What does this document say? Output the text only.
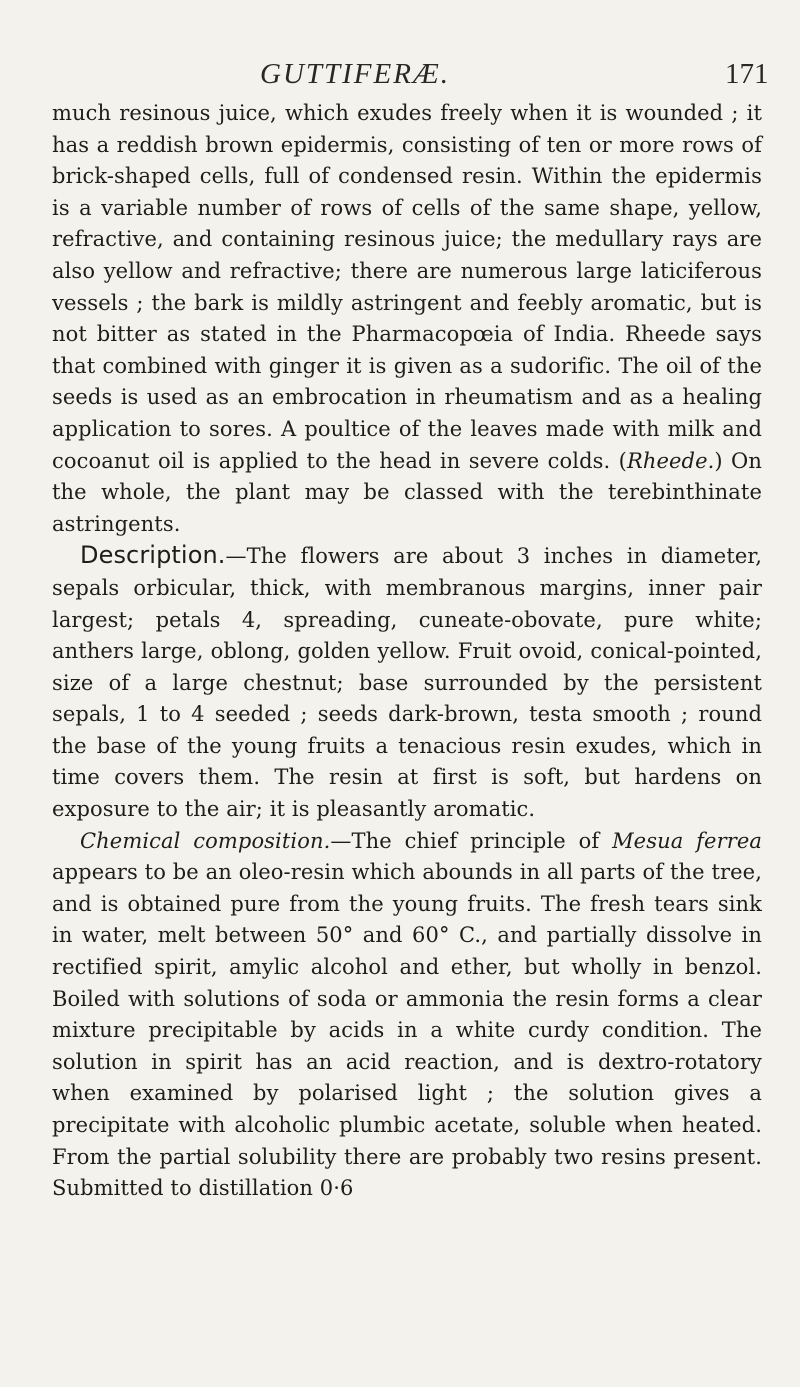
GUTTIFERÆ.	171

much resinous juice, which exudes freely when it is wounded ; it has a reddish brown epidermis, consisting of ten or more rows of brick-shaped cells, full of condensed resin. Within the epidermis is a variable number of rows of cells of the same shape, yellow, refractive, and containing resinous juice; the medullary rays are also yellow and refractive; there are numerous large laticiferous vessels ; the bark is mildly astringent and feebly aromatic, but is not bitter as stated in the Pharmacopœia of India. Rheede says that combined with ginger it is given as a sudorific. The oil of the seeds is used as an embrocation in rheumatism and as a healing application to sores. A poultice of the leaves made with milk and cocoanut oil is applied to the head in severe colds. (Rheede.) On the whole, the plant may be classed with the terebinthinate astringents.

Description.—The flowers are about 3 inches in diameter, sepals orbicular, thick, with membranous margins, inner pair largest; petals 4, spreading, cuneate-obovate, pure white; anthers large, oblong, golden yellow. Fruit ovoid, conical-pointed, size of a large chestnut; base surrounded by the persistent sepals, 1 to 4 seeded ; seeds dark-brown, testa smooth ; round the base of the young fruits a tenacious resin exudes, which in time covers them. The resin at first is soft, but hardens on exposure to the air; it is pleasantly aromatic.

Chemical composition.—The chief principle of Mesua ferrea appears to be an oleo-resin which abounds in all parts of the tree, and is obtained pure from the young fruits. The fresh tears sink in water, melt between 50° and 60° C., and partially dissolve in rectified spirit, amylic alcohol and ether, but wholly in benzol. Boiled with solutions of soda or ammonia the resin forms a clear mixture precipitable by acids in a white curdy condition. The solution in spirit has an acid reaction, and is dextro-rotatory when examined by polarised light ; the solution gives a precipitate with alcoholic plumbic acetate, soluble when heated. From the partial solubility there are probably two resins present. Submitted to distillation 0·6
